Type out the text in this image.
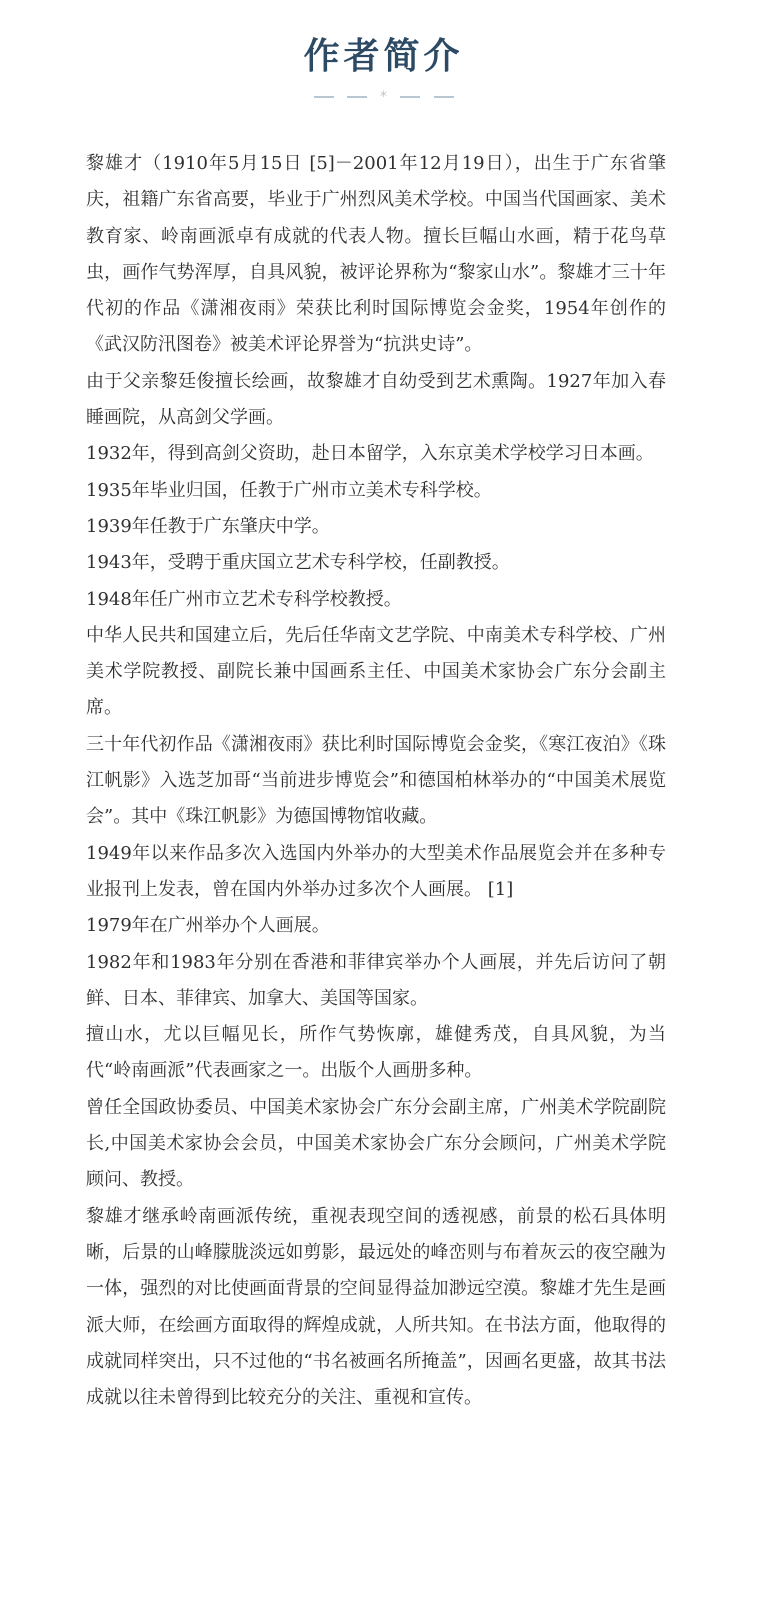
作者简介
*

黎雄才（1910年5月15日 [5]－2001年12月19日），出生于广东省肇庆，祖籍广东省高要，毕业于广州烈风美术学校。中国当代国画家、美术教育家、岭南画派卓有成就的代表人物。擅长巨幅山水画，精于花鸟草虫，画作气势浑厚，自具风貌，被评论界称为“黎家山水”。黎雄才三十年代初的作品《潇湘夜雨》荣获比利时国际博览会金奖，1954年创作的《武汉防汛图卷》被美术评论界誉为“抗洪史诗”。

由于父亲黎廷俊擅长绘画，故黎雄才自幼受到艺术熏陶。1927年加入春睡画院，从高剑父学画。

1932年，得到高剑父资助，赴日本留学，入东京美术学校学习日本画。

1935年毕业归国，任教于广州市立美术专科学校。

1939年任教于广东肇庆中学。

1943年，受聘于重庆国立艺术专科学校，任副教授。

1948年任广州市立艺术专科学校教授。

中华人民共和国建立后，先后任华南文艺学院、中南美术专科学校、广州美术学院教授、副院长兼中国画系主任、中国美术家协会广东分会副主席。

三十年代初作品《潇湘夜雨》获比利时国际博览会金奖，《寒江夜泊》《珠江帆影》入选芝加哥“当前进步博览会”和德国柏林举办的“中国美术展览会”。其中《珠江帆影》为德国博物馆收藏。

1949年以来作品多次入选国内外举办的大型美术作品展览会并在多种专业报刊上发表，曾在国内外举办过多次个人画展。 [1]

1979年在广州举办个人画展。

1982年和1983年分别在香港和菲律宾举办个人画展，并先后访问了朝鲜、日本、菲律宾、加拿大、美国等国家。

擅山水，尤以巨幅见长，所作气势恢廓，雄健秀茂，自具风貌，为当代“岭南画派”代表画家之一。出版个人画册多种。

曾任全国政协委员、中国美术家协会广东分会副主席，广州美术学院副院长,中国美术家协会会员，中国美术家协会广东分会顾问，广州美术学院顾问、教授。

黎雄才继承岭南画派传统，重视表现空间的透视感，前景的松石具体明晰，后景的山峰朦胧淡远如剪影，最远处的峰峦则与布着灰云的夜空融为一体，强烈的对比使画面背景的空间显得益加渺远空漠。黎雄才先生是画派大师，在绘画方面取得的辉煌成就，人所共知。在书法方面，他取得的成就同样突出，只不过他的“书名被画名所掩盖”，因画名更盛，故其书法成就以往未曾得到比较充分的关注、重视和宣传。
